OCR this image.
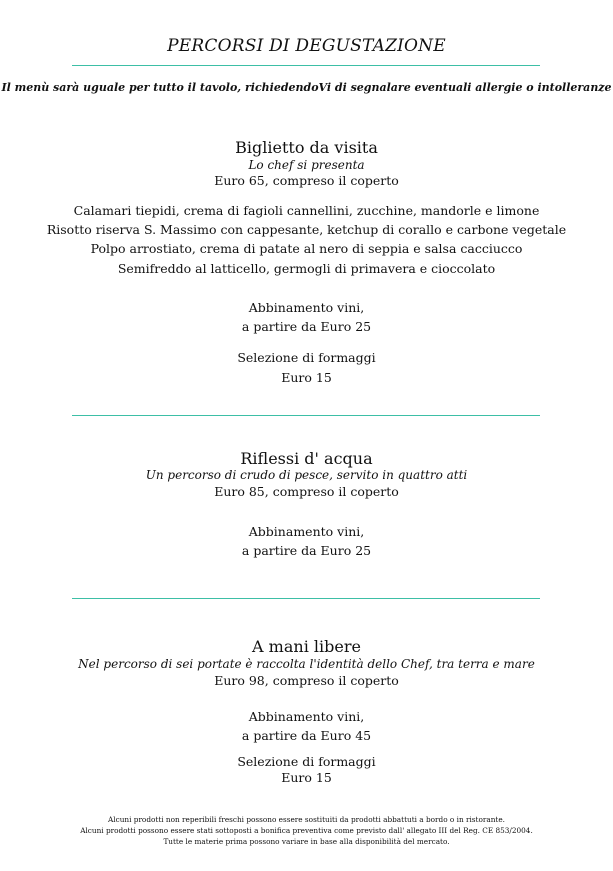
PERCORSI DI DEGUSTAZIONE
Il menù sarà uguale per tutto il tavolo, richiedendoVi di segnalare eventuali allergie o intolleranze
Biglietto da visita
Lo chef si presenta
Euro 65, compreso il coperto
Calamari tiepidi, crema di fagioli cannellini, zucchine, mandorle e limone
Risotto riserva S. Massimo con cappesante, ketchup di corallo e carbone vegetale
Polpo arrostiato, crema di patate al nero di seppia e salsa cacciucco
Semifreddo al latticello, germogli di primavera e cioccolato
Abbinamento vini,
a partire da Euro 25
Selezione di formaggi
Euro 15
Riflessi d' acqua
Un percorso di crudo di pesce, servito in quattro atti
Euro 85, compreso il coperto
Abbinamento vini,
a partire da Euro 25
A mani libere
Nel percorso di sei portate è raccolta l'identità dello Chef, tra terra e mare
Euro 98, compreso il coperto
Abbinamento vini,
a partire da Euro 45
Selezione di formaggi
Euro 15
Alcuni prodotti non reperibili freschi possono essere sostituiti da prodotti abbattuti a bordo o in ristorante.
Alcuni prodotti possono essere stati sottoposti a bonifica preventiva come previsto dall' allegato III del Reg. CE 853/2004.
Tutte le materie prima possono variare in base alla disponibilità del mercato.
